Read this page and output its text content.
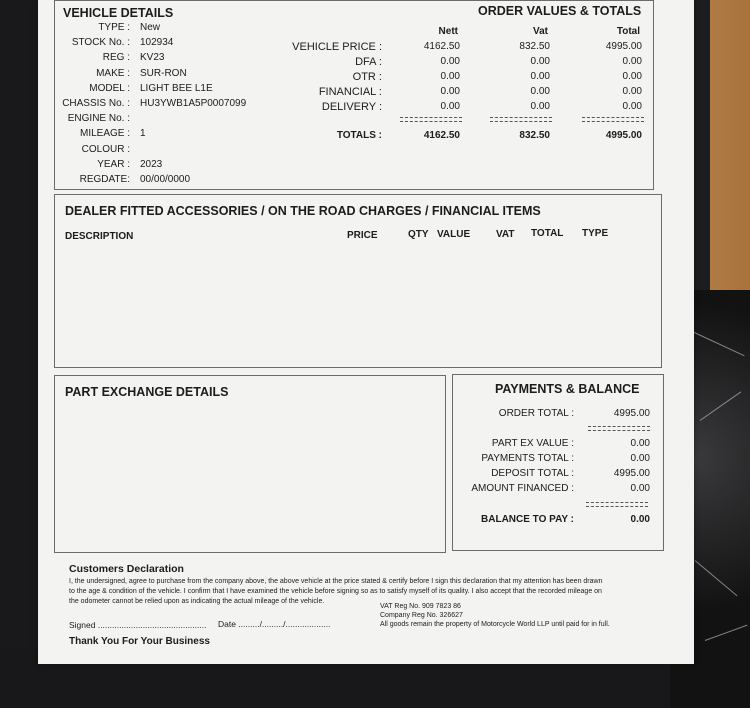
VEHICLE DETAILS
TYPE : New
STOCK No. : 102934
REG : KV23
MAKE : SUR-RON
MODEL : LIGHT BEE L1E
CHASSIS No. : HU3YWB1A5P0007099
ENGINE No. :
MILEAGE : 1
COLOUR :
YEAR : 2023
REGDATE: 00/00/0000
ORDER VALUES & TOTALS
Nett	Vat	Total
VEHICLE PRICE :	4162.50	832.50	4995.00
DFA :	0.00	0.00	0.00
OTR :	0.00	0.00	0.00
FINANCIAL :	0.00	0.00	0.00
DELIVERY :	0.00	0.00	0.00
TOTALS :	4162.50	832.50	4995.00
DEALER FITTED ACCESSORIES / ON THE ROAD CHARGES / FINANCIAL ITEMS
DESCRIPTION	PRICE	QTY VALUE	VAT TOTAL TYPE
PART EXCHANGE DETAILS	PAYMENTS & BALANCE
ORDER TOTAL :	4995.00
PART EX VALUE :	0.00
PAYMENTS TOTAL :	0.00
DEPOSIT TOTAL :	4995.00
AMOUNT FINANCED :	0.00
BALANCE TO PAY :	0.00
Customers Declaration
I, the undersigned, agree to purchase from the company above, the above vehicle at the price stated & certify before I sign this declaration that my attention has been drawn
to the age & condition of the vehicle. I confirm that I have examined the vehicle before signing so as to satisfy myself of its quality. I also accept that the recorded mileage on
the odometer cannot be relied upon as indicating the actual mileage of the vehicle.
VAT Reg No. 909 7823 86
Company Reg No. 326627
All goods remain the property of Motorcycle World LLP until paid for in full.
Signed .............................................. Date ........./........./...................
Thank You For Your Business
